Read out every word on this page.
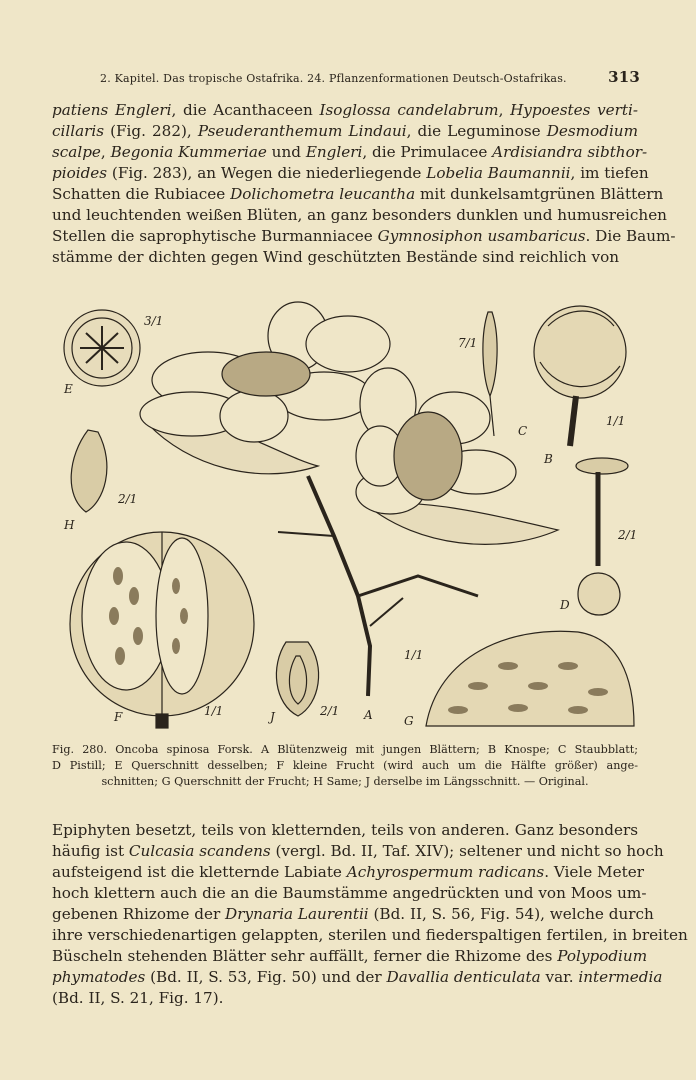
2. Kapitel. Das tropische Ostafrika. 24. Pflanzenformationen Deutsch-Ostafrikas.	313
patiens Engleri, die Acanthaceen Isoglossa candelabrum, Hypoestes verti-
cillaris (Fig. 282), Pseuderanthemum Lindaui, die Leguminose Desmodium
scalpe, Begonia Kummeriae und Engleri, die Primulacee Ardisiandra sibthor-
pioides (Fig. 283), an Wegen die niederliegende Lobelia Baumannii, im tiefen
Schatten die Rubiacee Dolichometra leucantha mit dunkelsamtgrünen Blättern
und leuchtenden weißen Blüten, an ganz besonders dunklen und humusreichen
Stellen die saprophytische Burmanniacee Gymnosiphon usambaricus. Die Baum-
stämme der dichten gegen Wind geschützten Bestände sind reichlich von
E
3/1
H
2/1
F	1/1	J	2/1 A
1/1
G
7/1
C
B
1/1
2/1
D
Fig. 280. Oncoba spinosa Forsk. A Blütenzweig mit jungen Blättern; B Knospe; C Staubblatt;
D Pistill; E Querschnitt desselben; F kleine Frucht (wird auch um die Hälfte größer) ange-
schnitten; G Querschnitt der Frucht; H Same; J derselbe im Längsschnitt. — Original.
Epiphyten besetzt, teils von kletternden, teils von anderen. Ganz besonders
häufig ist Culcasia scandens (vergl. Bd. II, Taf. XIV); seltener und nicht so hoch
aufsteigend ist die kletternde Labiate Achyrospermum radicans. Viele Meter
hoch klettern auch die an die Baumstämme angedrückten und von Moos um-
gebenen Rhizome der Drynaria Laurentii (Bd. II, S. 56, Fig. 54), welche durch
ihre verschiedenartigen gelappten, sterilen und fiederspaltigen fertilen, in breiten
Büscheln stehenden Blätter sehr auffällt, ferner die Rhizome des Polypodium
phymatodes (Bd. II, S. 53, Fig. 50) und der Davallia denticulata var. intermedia
(Bd. II, S. 21, Fig. 17).
